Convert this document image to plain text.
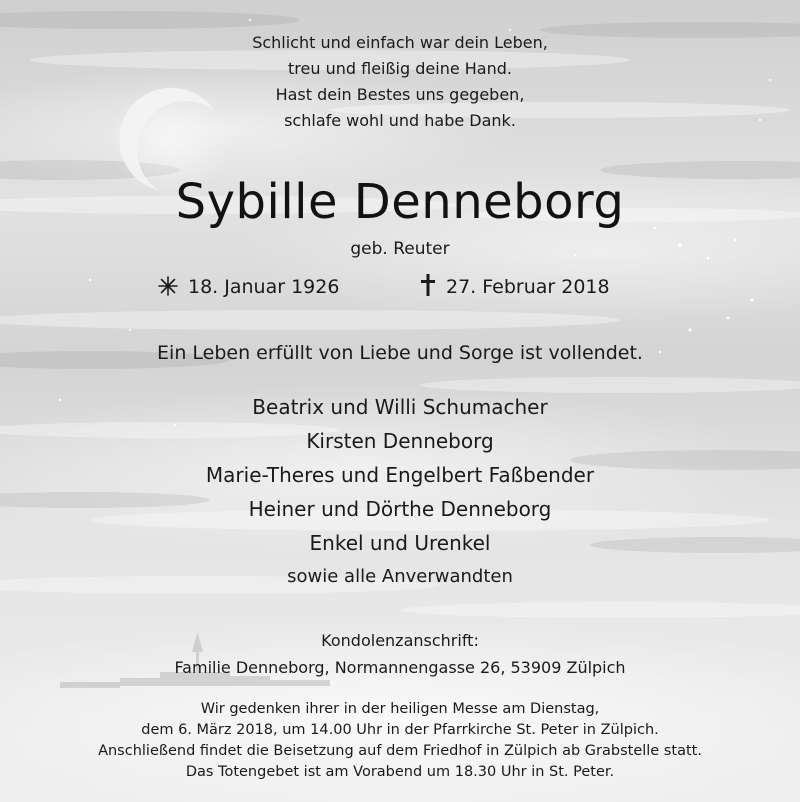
Schlicht und einfach war dein Leben,
treu und fleißig deine Hand.
Hast dein Bestes uns gegeben,
schlafe wohl und habe Dank.
Sybille Denneborg
geb. Reuter
18. Januar 1926	27. Februar 2018
Ein Leben erfüllt von Liebe und Sorge ist vollendet.
Beatrix und Willi Schumacher
Kirsten Denneborg
Marie-Theres und Engelbert Faßbender
Heiner und Dörthe Denneborg
Enkel und Urenkel
sowie alle Anverwandten
Kondolenzanschrift:
Familie Denneborg, Normannengasse 26, 53909 Zülpich
Wir gedenken ihrer in der heiligen Messe am Dienstag,
dem 6. März 2018, um 14.00 Uhr in der Pfarrkirche St. Peter in Zülpich.
Anschließend findet die Beisetzung auf dem Friedhof in Zülpich ab Grabstelle statt.
Das Totengebet ist am Vorabend um 18.30 Uhr in St. Peter.
